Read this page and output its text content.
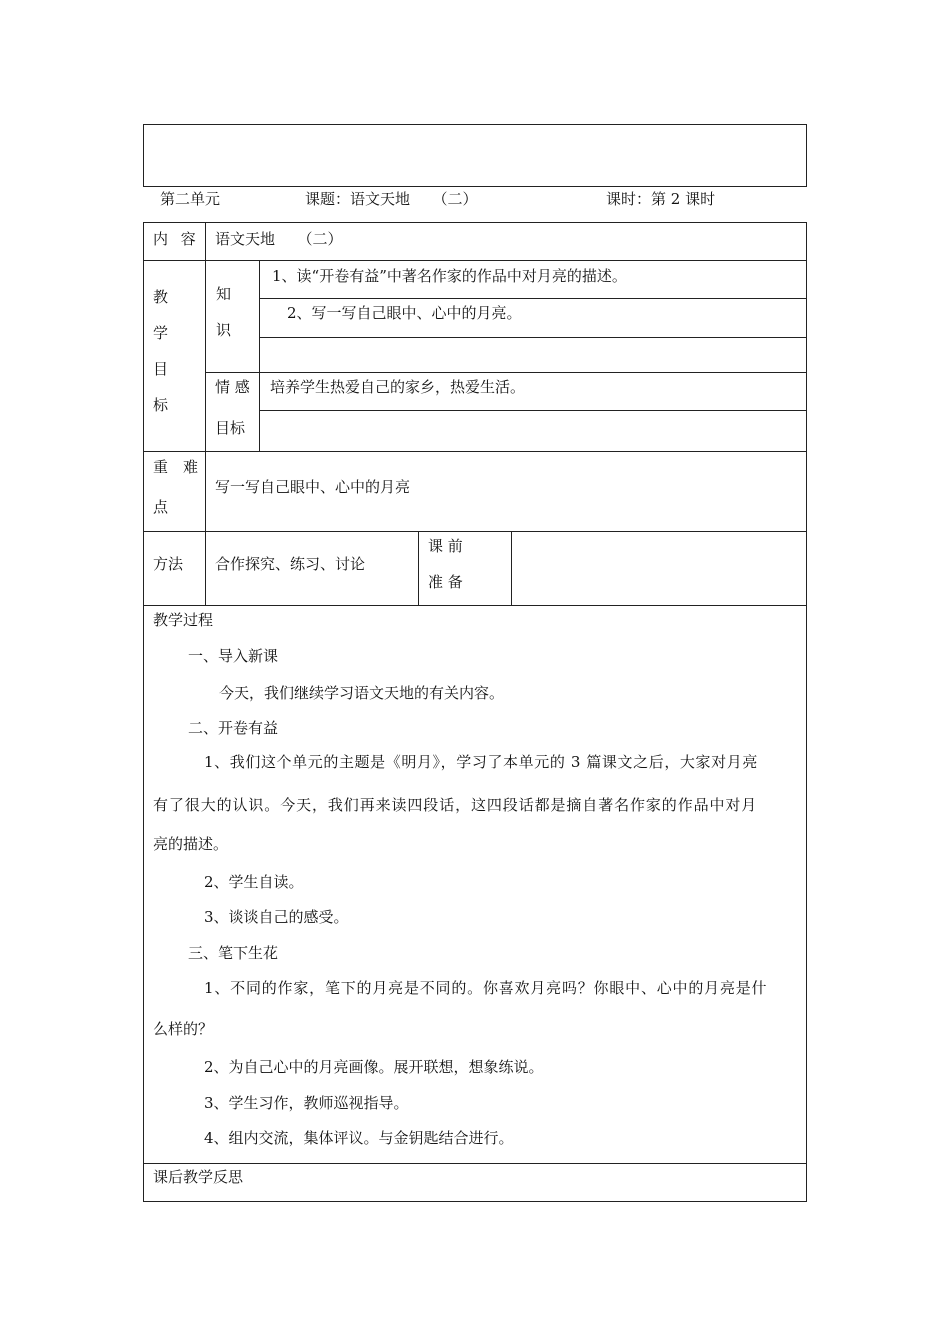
第二单元	课题：语文天地　　（二）	课时：第 2 课时
内 容 语文天地　　（二）
教
学
目
标
知
识
1、读“开卷有益”中著名作家的作品中对月亮的描述。
2、写一写自己眼中、心中的月亮。
情 感
目标
培养学生热爱自己的家乡，热爱生活。
重　难
点
写一写自己眼中、心中的月亮
方法 合作探究、练习、讨论
课 前
准 备
教学过程
一、导入新课
今天，我们继续学习语文天地的有关内容。
二、开卷有益
1、我们这个单元的主题是《明月》，学习了本单元的 3 篇课文之后，大家对月亮
有了很大的认识。今天，我们再来读四段话，这四段话都是摘自著名作家的作品中对月
亮的描述。
2、学生自读。
3、谈谈自己的感受。
三、笔下生花
1、不同的作家，笔下的月亮是不同的。你喜欢月亮吗？你眼中、心中的月亮是什
么样的？
2、为自己心中的月亮画像。展开联想，想象练说。
3、学生习作，教师巡视指导。
4、组内交流，集体评议。与金钥匙结合进行。
课后教学反思
